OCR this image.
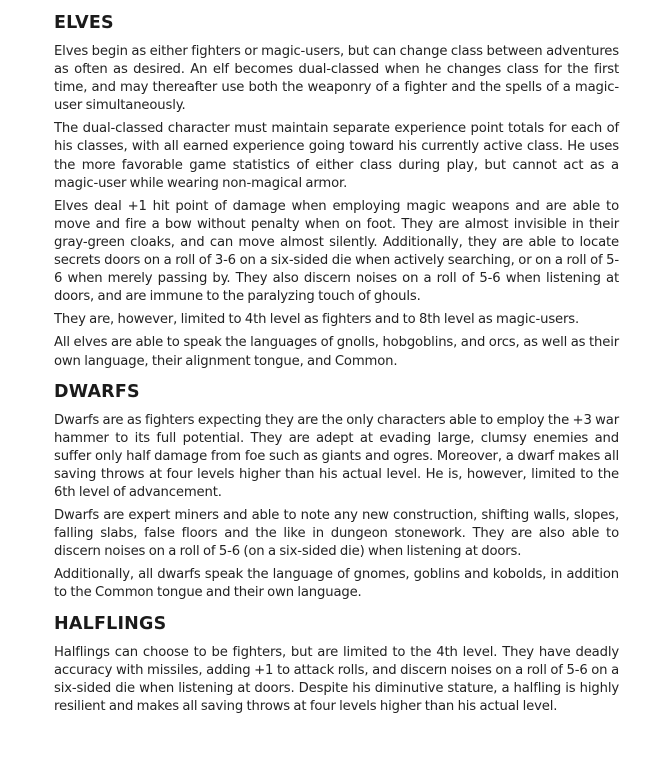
ELVES

Elves begin as either fighters or magic-users, but can change class between adventures as often as desired. An elf becomes dual-classed when he changes class for the first time, and may thereafter use both the weaponry of a fighter and the spells of a magic-user simultaneously.

The dual-classed character must maintain separate experience point totals for each of his classes, with all earned experience going toward his currently active class. He uses the more favorable game statistics of either class during play, but cannot act as a magic-user while wearing non-magical armor.

Elves deal +1 hit point of damage when employing magic weapons and are able to move and fire a bow without penalty when on foot. They are almost invisible in their gray-green cloaks, and can move almost silently. Additionally, they are able to locate secrets doors on a roll of 3-6 on a six-sided die when actively searching, or on a roll of 5-6 when merely passing by. They also discern noises on a roll of 5-6 when listening at doors, and are immune to the paralyzing touch of ghouls.

They are, however, limited to 4th level as fighters and to 8th level as magic-users.

All elves are able to speak the languages of gnolls, hobgoblins, and orcs, as well as their own language, their alignment tongue, and Common.

DWARFS

Dwarfs are as fighters expecting they are the only characters able to employ the +3 war hammer to its full potential. They are adept at evading large, clumsy enemies and suffer only half damage from foe such as giants and ogres. Moreover, a dwarf makes all saving throws at four levels higher than his actual level. He is, however, limited to the 6th level of advancement.

Dwarfs are expert miners and able to note any new construction, shifting walls, slopes, falling slabs, false floors and the like in dungeon stonework. They are also able to discern noises on a roll of 5-6 (on a six-sided die) when listening at doors.

Additionally, all dwarfs speak the language of gnomes, goblins and kobolds, in addition to the Common tongue and their own language.

HALFLINGS

Halflings can choose to be fighters, but are limited to the 4th level. They have deadly accuracy with missiles, adding +1 to attack rolls, and discern noises on a roll of 5-6 on a six-sided die when listening at doors. Despite his diminutive stature, a halfling is highly resilient and makes all saving throws at four levels higher than his actual level.
